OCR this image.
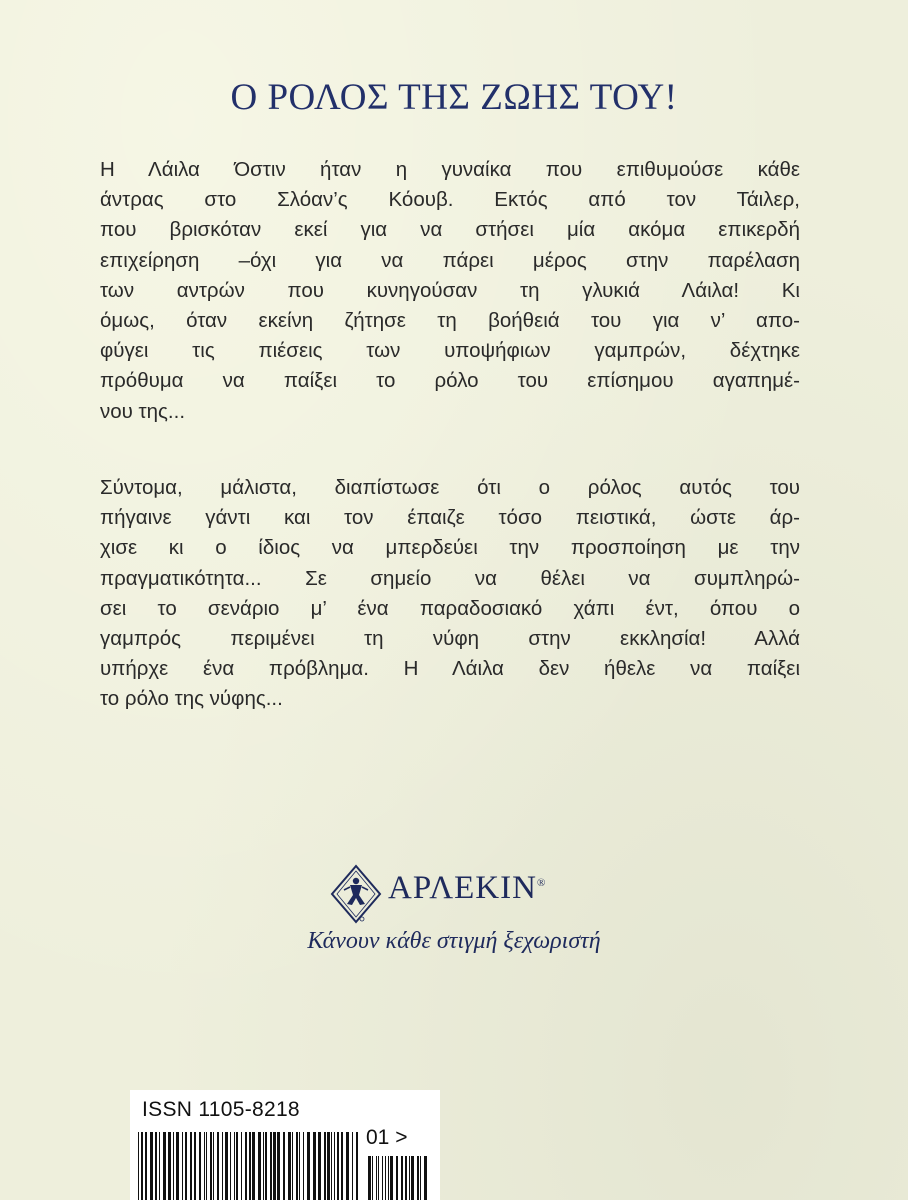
Ο ΡΟΛΟΣ ΤΗΣ ΖΩΗΣ ΤΟΥ!
Η Λάιλα Όστιν ήταν η γυναίκα που επιθυμούσε κάθε
άντρας στο Σλόαν’ς Κόουβ. Εκτός από τον Τάιλερ,
που βρισκόταν εκεί για να στήσει μία ακόμα επικερδή
επιχείρηση –όχι για να πάρει μέρος στην παρέλαση
των αντρών που κυνηγούσαν τη γλυκιά Λάιλα! Κι
όμως, όταν εκείνη ζήτησε τη βοήθειά του για ν’ απο-
φύγει τις πιέσεις των υποψήφιων γαμπρών, δέχτηκε
πρόθυμα να παίξει το ρόλο του επίσημου αγαπημέ-
νου της...
Σύντομα, μάλιστα, διαπίστωσε ότι ο ρόλος αυτός του
πήγαινε γάντι και τον έπαιζε τόσο πειστικά, ώστε άρ-
χισε κι ο ίδιος να μπερδεύει την προσποίηση με την
πραγματικότητα... Σε σημείο να θέλει να συμπληρώ-
σει το σενάριο μ’ ένα παραδοσιακό χάπι έντ, όπου ο
γαμπρός περιμένει τη νύφη στην εκκλησία! Αλλά
υπήρχε ένα πρόβλημα. Η Λάιλα δεν ήθελε να παίξει
το ρόλο της νύφης...
ΑΡΛΕΚΙΝ®
Κάνουν κάθε στιγμή ξεχωριστή
ISSN 1105-8218
01 >
